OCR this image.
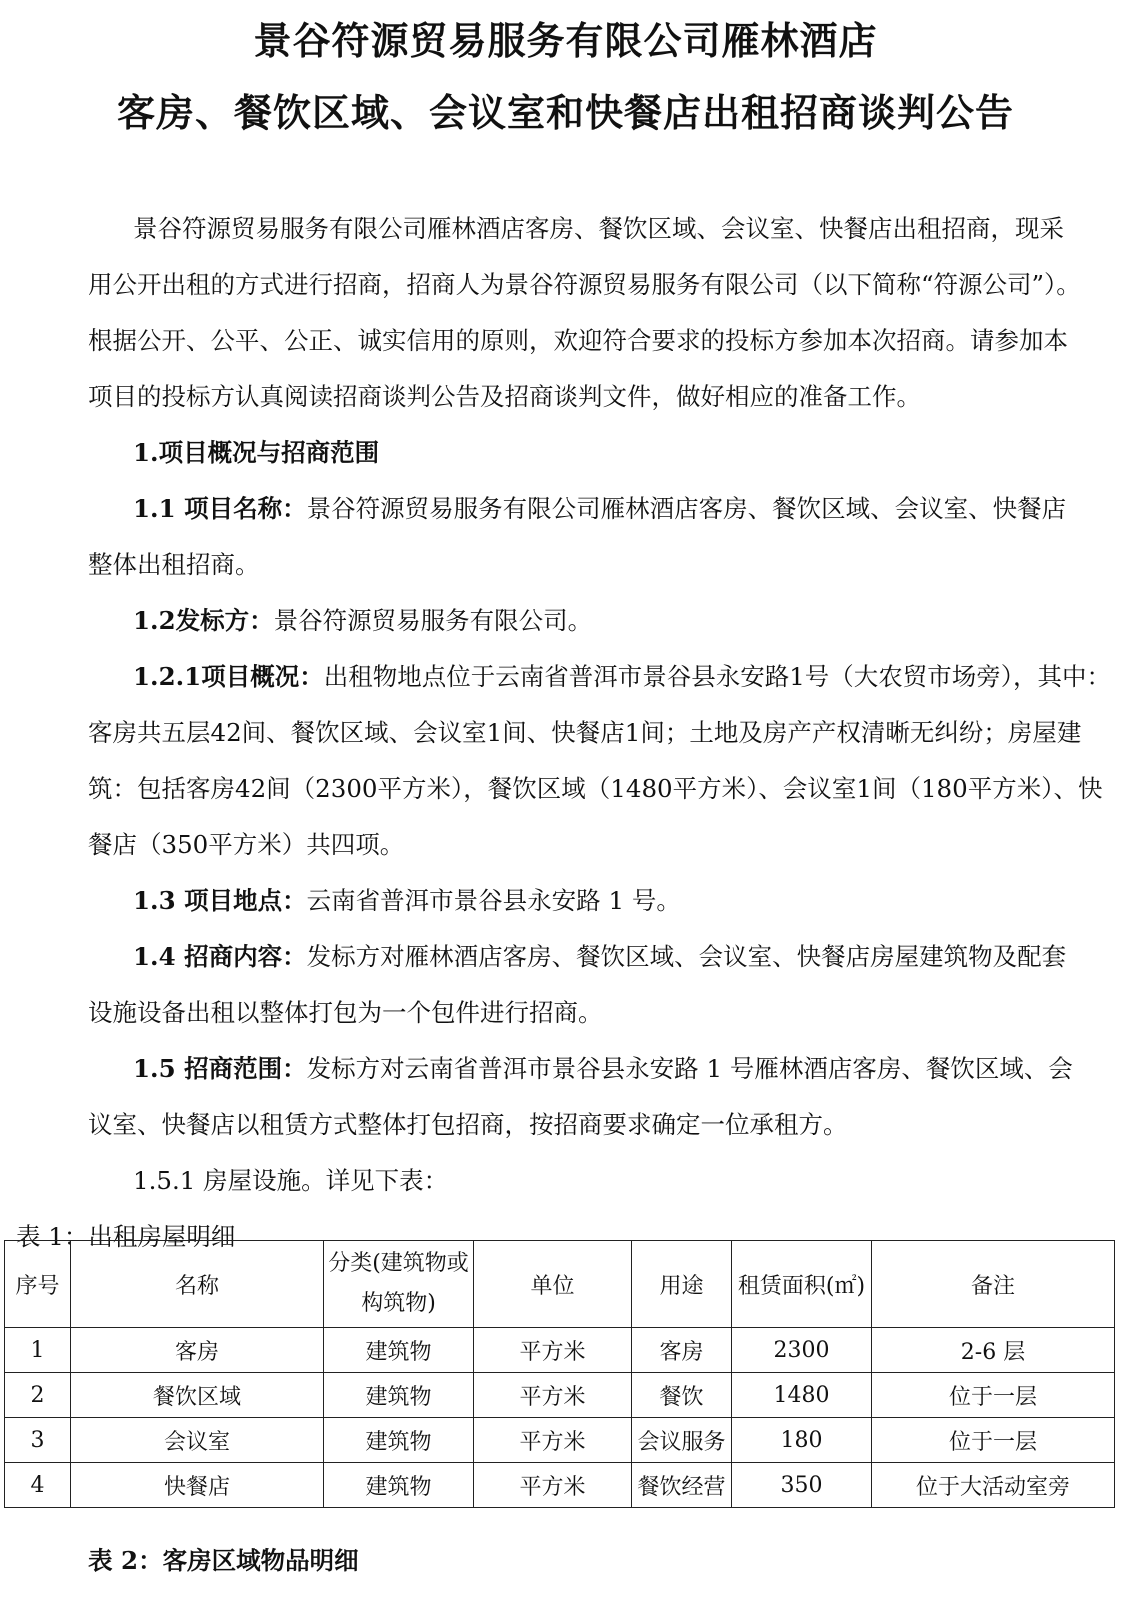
景谷符源贸易服务有限公司雁林酒店
客房、餐饮区域、会议室和快餐店出租招商谈判公告
景谷符源贸易服务有限公司雁林酒店客房、餐饮区域、会议室、快餐店出租招商，现采
用公开出租的方式进行招商，招商人为景谷符源贸易服务有限公司（以下简称“符源公司”）。
根据公开、公平、公正、诚实信用的原则，欢迎符合要求的投标方参加本次招商。请参加本
项目的投标方认真阅读招商谈判公告及招商谈判文件，做好相应的准备工作。
1.项目概况与招商范围
1.1 项目名称：景谷符源贸易服务有限公司雁林酒店客房、餐饮区域、会议室、快餐店
整体出租招商。
1.2发标方：景谷符源贸易服务有限公司。
1.2.1项目概况：出租物地点位于云南省普洱市景谷县永安路1号（大农贸市场旁），其中：
客房共五层42间、餐饮区域、会议室1间、快餐店1间；土地及房产产权清晰无纠纷；房屋建
筑：包括客房42间（2300平方米），餐饮区域（1480平方米）、会议室1间（180平方米）、快
餐店（350平方米）共四项。
1.3 项目地点：云南省普洱市景谷县永安路 1 号。
1.4 招商内容：发标方对雁林酒店客房、餐饮区域、会议室、快餐店房屋建筑物及配套
设施设备出租以整体打包为一个包件进行招商。
1.5 招商范围：发标方对云南省普洱市景谷县永安路 1 号雁林酒店客房、餐饮区域、会
议室、快餐店以租赁方式整体打包招商，按招商要求确定一位承租方。
1.5.1 房屋设施。详见下表：
表 1：出租房屋明细
序号	名称	分类(建筑物或
构筑物)	单位	用途	租赁面积(㎡)	备注
1	客房	建筑物	平方米	客房	2300	2-6 层
2	餐饮区域	建筑物	平方米	餐饮	1480	位于一层
3	会议室	建筑物	平方米	会议服务	180	位于一层
4	快餐店	建筑物	平方米	餐饮经营	350	位于大活动室旁
表 2：客房区域物品明细
